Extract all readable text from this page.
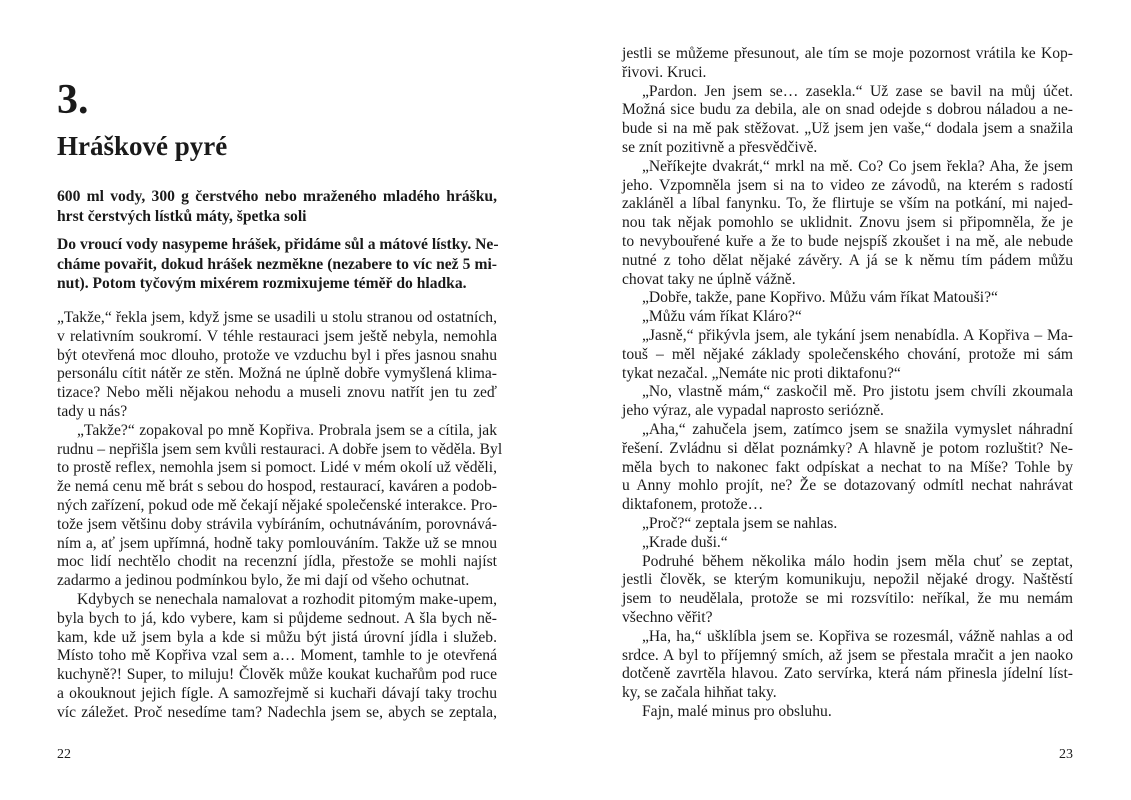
3.
Hráškové pyré
600 ml vody, 300 g čerstvého nebo mraženého mladého hrášku,
hrst čerstvých lístků máty, špetka soli
Do vroucí vody nasypeme hrášek, přidáme sůl a mátové lístky. Ne-
cháme povařit, dokud hrášek nezměkne (nezabere to víc než 5 mi-
nut). Potom tyčovým mixérem rozmixujeme téměř do hladka.
„Takže,“ řekla jsem, když jsme se usadili u stolu stranou od ostatních,
v relativním soukromí. V téhle restauraci jsem ještě nebyla, nemohla
být otevřená moc dlouho, protože ve vzduchu byl i přes jasnou snahu
personálu cítit nátěr ze stěn. Možná ne úplně dobře vymyšlená klima-
tizace? Nebo měli nějakou nehodu a museli znovu natřít jen tu zeď
tady u nás?
„Takže?“ zopakoval po mně Kopřiva. Probrala jsem se a cítila, jak
rudnu – nepřišla jsem sem kvůli restauraci. A dobře jsem to věděla. Byl
to prostě reflex, nemohla jsem si pomoct. Lidé v mém okolí už věděli,
že nemá cenu mě brát s sebou do hospod, restaurací, kaváren a podob-
ných zařízení, pokud ode mě čekají nějaké společenské interakce. Pro-
tože jsem většinu doby strávila vybíráním, ochutnáváním, porovnává-
ním a, ať jsem upřímná, hodně taky pomlouváním. Takže už se mnou
moc lidí nechtělo chodit na recenzní jídla, přestože se mohli najíst
zadarmo a jedinou podmínkou bylo, že mi dají od všeho ochutnat.
Kdybych se nenechala namalovat a rozhodit pitomým make-upem,
byla bych to já, kdo vybere, kam si půjdeme sednout. A šla bych ně-
kam, kde už jsem byla a kde si můžu být jistá úrovní jídla i služeb.
Místo toho mě Kopřiva vzal sem a… Moment, tamhle to je otevřená
kuchyně?! Super, to miluju! Člověk může koukat kuchařům pod ruce
a okouknout jejich fígle. A samozřejmě si kuchaři dávají taky trochu
víc záležet. Proč nesedíme tam? Nadechla jsem se, abych se zeptala,
22
jestli se můžeme přesunout, ale tím se moje pozornost vrátila ke Kop-
řivovi. Kruci.
„Pardon. Jen jsem se… zasekla.“ Už zase se bavil na můj účet.
Možná sice budu za debila, ale on snad odejde s dobrou náladou a ne-
bude si na mě pak stěžovat. „Už jsem jen vaše,“ dodala jsem a snažila
se znít pozitivně a přesvědčivě.
„Neříkejte dvakrát,“ mrkl na mě. Co? Co jsem řekla? Aha, že jsem
jeho. Vzpomněla jsem si na to video ze závodů, na kterém s radostí
zakláněl a líbal fanynku. To, že flirtuje se vším na potkání, mi najed-
nou tak nějak pomohlo se uklidnit. Znovu jsem si připomněla, že je
to nevybouřené kuře a že to bude nejspíš zkoušet i na mě, ale nebude
nutné z toho dělat nějaké závěry. A já se k němu tím pádem můžu
chovat taky ne úplně vážně.
„Dobře, takže, pane Kopřivo. Můžu vám říkat Matouši?“
„Můžu vám říkat Kláro?“
„Jasně,“ přikývla jsem, ale tykání jsem nenabídla. A Kopřiva – Ma-
touš – měl nějaké základy společenského chování, protože mi sám
tykat nezačal. „Nemáte nic proti diktafonu?“
„No, vlastně mám,“ zaskočil mě. Pro jistotu jsem chvíli zkoumala
jeho výraz, ale vypadal naprosto seriózně.
„Aha,“ zahučela jsem, zatímco jsem se snažila vymyslet náhradní
řešení. Zvládnu si dělat poznámky? A hlavně je potom rozluštit? Ne-
měla bych to nakonec fakt odpískat a nechat to na Míše? Tohle by
u Anny mohlo projít, ne? Že se dotazovaný odmítl nechat nahrávat
diktafonem, protože…
„Proč?“ zeptala jsem se nahlas.
„Krade duši.“
Podruhé během několika málo hodin jsem měla chuť se zeptat,
jestli člověk, se kterým komunikuju, nepožil nějaké drogy. Naštěstí
jsem to neudělala, protože se mi rozsvítilo: neříkal, že mu nemám
všechno věřit?
„Ha, ha,“ ušklíbla jsem se. Kopřiva se rozesmál, vážně nahlas a od
srdce. A byl to příjemný smích, až jsem se přestala mračit a jen naoko
dotčeně zavrtěla hlavou. Zato servírka, která nám přinesla jídelní líst-
ky, se začala hihňat taky.
Fajn, malé minus pro obsluhu.
23
